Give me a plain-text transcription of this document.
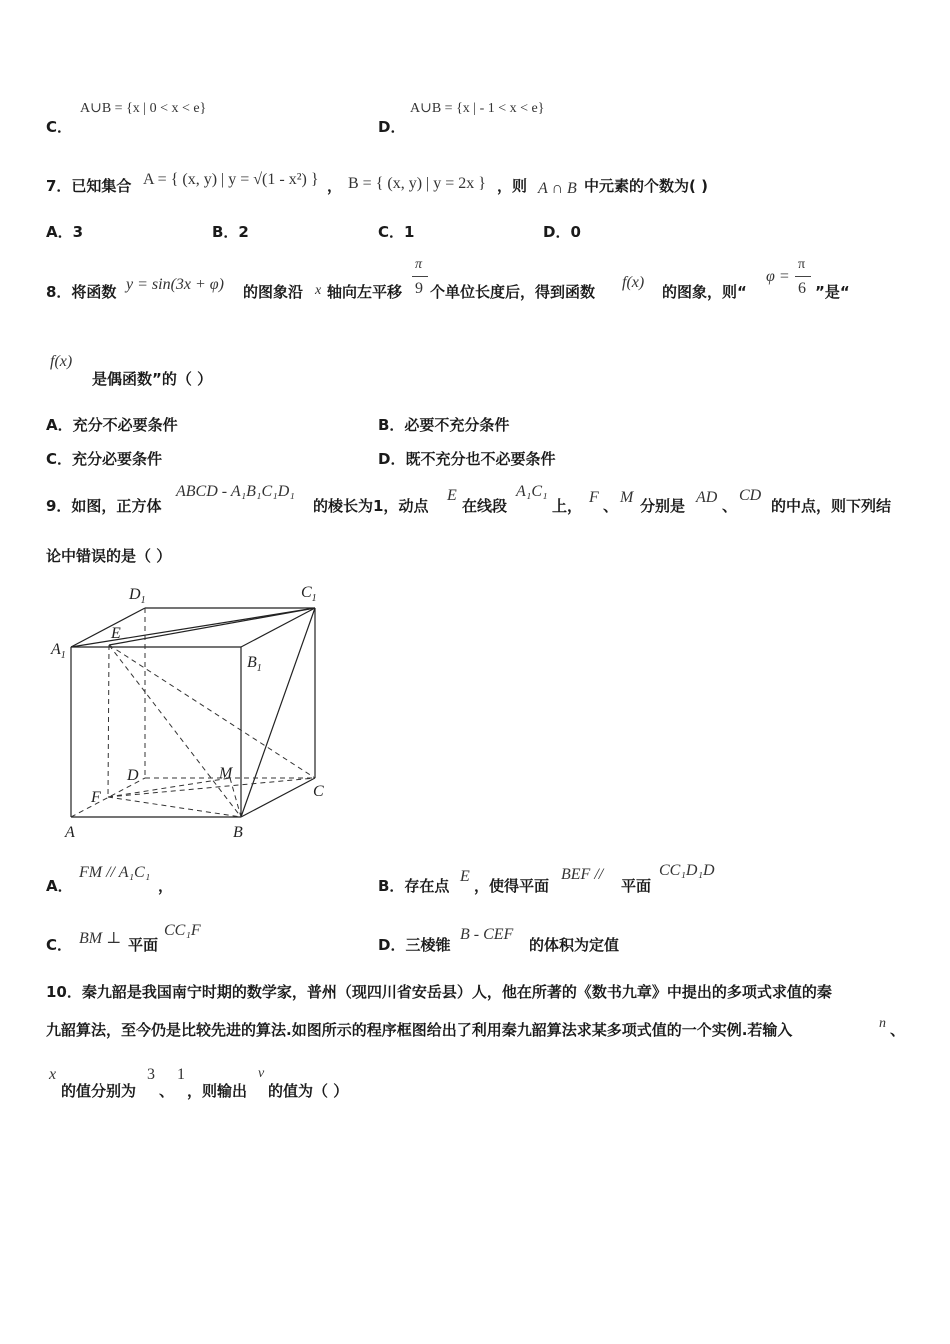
C．
A∪B = {x | 0 < x < e}
D．
A∪B = {x | - 1 < x < e}
7．已知集合 A = { (x, y) | y = √(1 - x²) } ， B = { (x, y) | y = 2x } ，则 A ∩ B 中元素的个数为( )
A．3	B．2	C．1	D．0
8．将函数 y = sin(3x + φ) 的图象沿 x 轴向左平移
π
9 个单位长度后，得到函数
f(x)
的图象，则“
φ =
π
6 ”是“
f(x)
是偶函数”的（ ）
A．充分不必要条件	B．必要不充分条件
C．充分必要条件	D．既不充分也不必要条件
9．如图，正方体
ABCD - A₁B₁C₁D₁
的棱长为1，动点
E
在线段
A₁C₁
上， F 、 M 分别是 AD 、
CD
的中点，则下列结
论中错误的是（ ）
$D_1$	$C_1$
$A_1$	$B_1$
E
D	M
F	C
A	B
A．
FM // A₁C₁
，	B．存在点
E
，使得平面
BEF //
平面
CC₁D₁D
C． BM ⊥ 平面
CC₁F
D．三棱锥
B - CEF
的体积为定值
10．秦九韶是我国南宁时期的数学家，普州（现四川省安岳县）人，他在所著的《数书九章》中提出的多项式求值的秦
九韶算法，至今仍是比较先进的算法.如图所示的程序框图给出了利用秦九韶算法求某多项式值的一个实例.若输入	n 、
x
的值分别为
3
、
1
，则输出
v
的值为（ ）
